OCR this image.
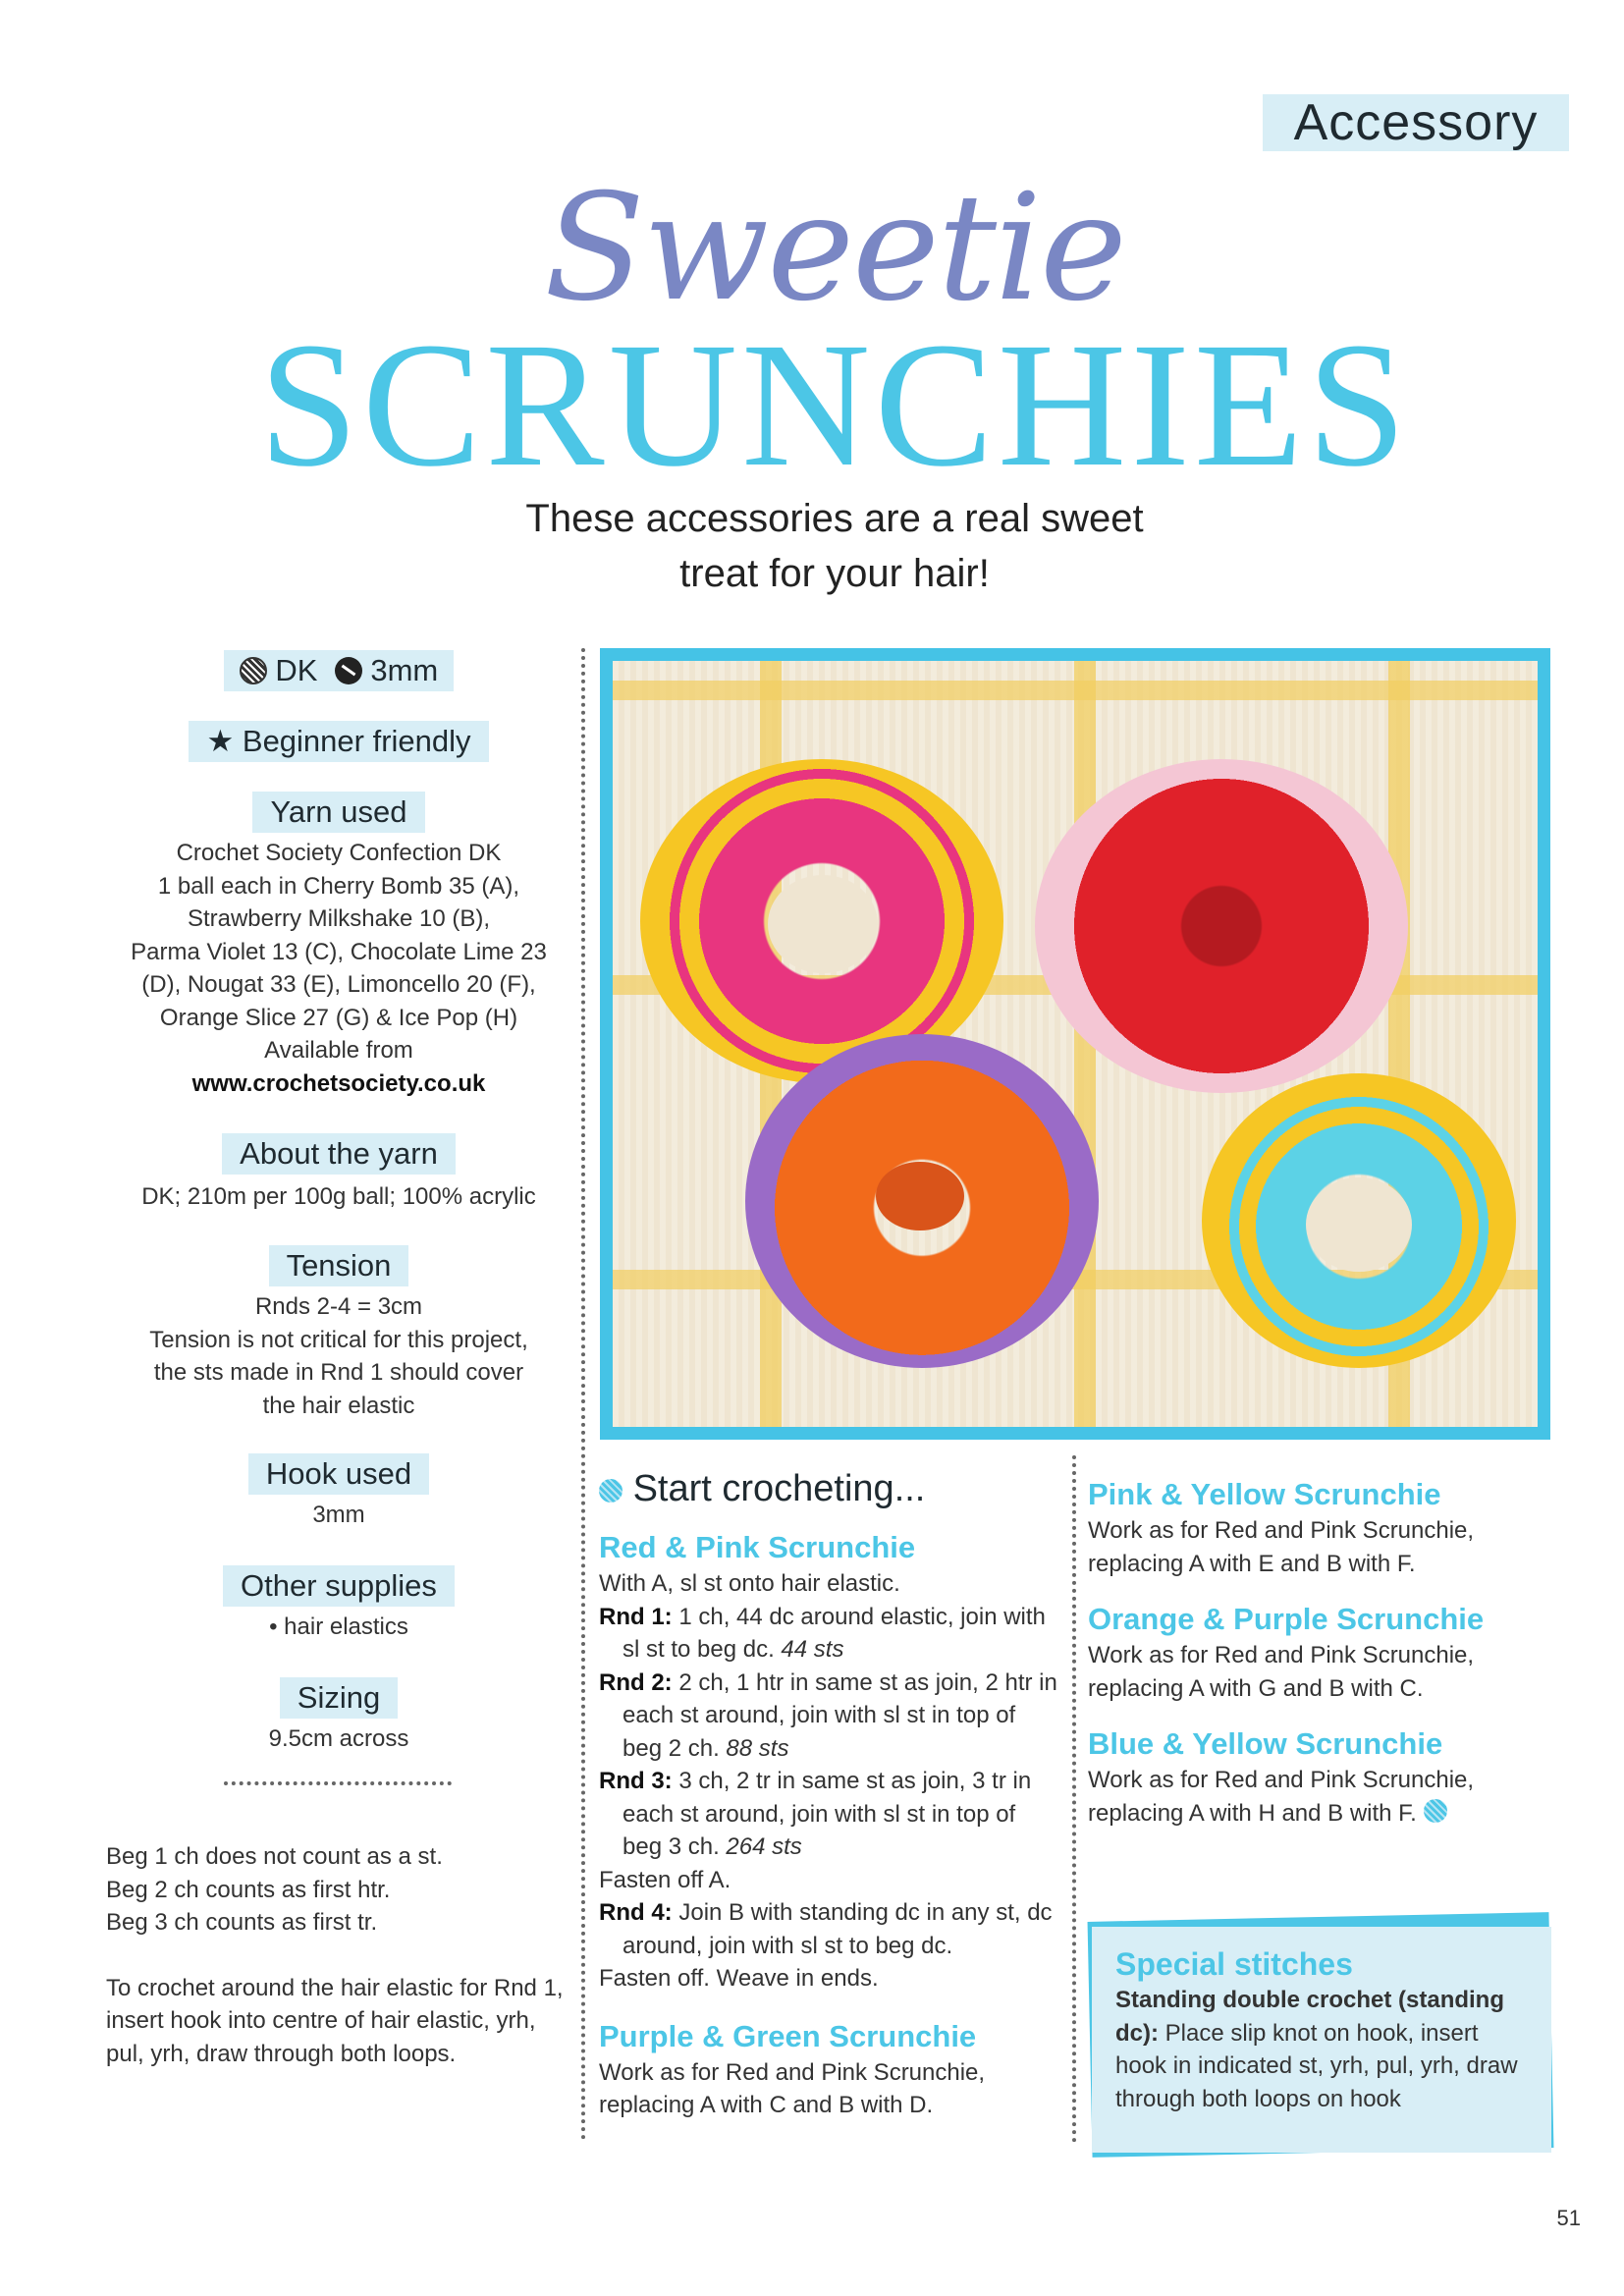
Accessory
Sweetie
SCRUNCHIES
These accessories are a real sweet
treat for your hair!
DK 3mm
★ Beginner friendly
Yarn used
Crochet Society Confection DK
1 ball each in Cherry Bomb 35 (A),
Strawberry Milkshake 10 (B),
Parma Violet 13 (C), Chocolate Lime 23
(D), Nougat 33 (E), Limoncello 20 (F),
Orange Slice 27 (G) & Ice Pop (H)
Available from
www.crochetsociety.co.uk
About the yarn
DK; 210m per 100g ball; 100% acrylic
Tension
Rnds 2-4 = 3cm
Tension is not critical for this project,
the sts made in Rnd 1 should cover
the hair elastic
Hook used
3mm
Other supplies
• hair elastics
Sizing
9.5cm across
Beg 1 ch does not count as a st.
Beg 2 ch counts as first htr.
Beg 3 ch counts as first tr.
To crochet around the hair elastic for Rnd 1,
insert hook into centre of hair elastic, yrh,
pul, yrh, draw through both loops.
Start crocheting...
Red & Pink Scrunchie
With A, sl st onto hair elastic.
Rnd 1: 1 ch, 44 dc around elastic, join with sl st to beg dc. 44 sts
Rnd 2: 2 ch, 1 htr in same st as join, 2 htr in each st around, join with sl st in top of beg 2 ch. 88 sts
Rnd 3: 3 ch, 2 tr in same st as join, 3 tr in each st around, join with sl st in top of beg 3 ch. 264 sts
Fasten off A.
Rnd 4: Join B with standing dc in any st, dc around, join with sl st to beg dc.
Fasten off. Weave in ends.
Purple & Green Scrunchie
Work as for Red and Pink Scrunchie,
replacing A with C and B with D.
Pink & Yellow Scrunchie
Work as for Red and Pink Scrunchie,
replacing A with E and B with F.
Orange & Purple Scrunchie
Work as for Red and Pink Scrunchie,
replacing A with G and B with C.
Blue & Yellow Scrunchie
Work as for Red and Pink Scrunchie,
replacing A with H and B with F.
Special stitches
Standing double crochet (standing dc): Place slip knot on hook, insert hook in indicated st, yrh, pul, yrh, draw through both loops on hook
51
